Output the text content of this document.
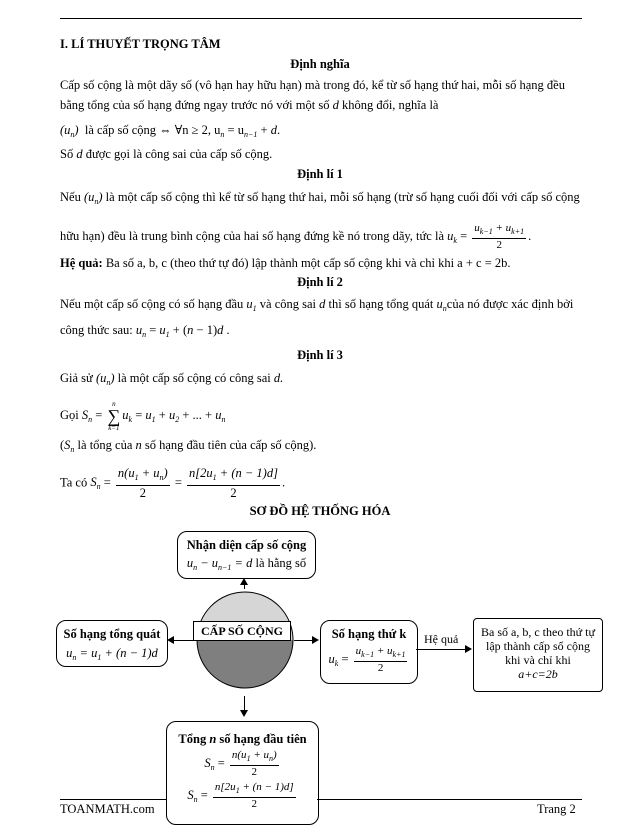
I. LÍ THUYẾT TRỌNG TÂM
Định nghĩa
Cấp số cộng là một dãy số (vô hạn hay hữu hạn) mà trong đó, kể từ số hạng thứ hai, mỗi số hạng đều
bằng tổng của số hạng đứng ngay trước nó với một số d không đổi, nghĩa là
$(u_n)$ là cấp số cộng ⇔ ∀n ≥ 2, $u_n = u_{n-1} + d$.
Số d được gọi là công sai của cấp số cộng.
Định lí 1
Nếu $(u_n)$ là một cấp số cộng thì kể từ số hạng thứ hai, mỗi số hạng (trừ số hạng cuối đối với cấp số cộng
hữu hạn) đều là trung bình cộng của hai số hạng đứng kề nó trong dãy, tức là $u_k = \frac{u_{k-1} + u_{k+1}}{2}$ .
Hệ quả: Ba số a, b, c (theo thứ tự đó) lập thành một cấp số cộng khi và chỉ khi a + c = 2b.
Định lí 2
Nếu một cấp số cộng có số hạng đầu $u_1$ và công sai d thì số hạng tổng quát $u_ncủa$ nó được xác định bởi
công thức sau: $u_n = u_1 + (n - 1)d$ .
Định lí 3
Giả sử $(u_n)$ là một cấp số cộng có công sai d.
Gọi $S_n$ =
n
∑
k=1
$u_k = u_1 + u_2$ + ... + $u_n$
($S_n$ là tổng của n số hạng đầu tiên của cấp số cộng).
Ta có $S_n = \frac{n(u_1 + u_n)}{2} = \frac{n[2u_1 + (n - 1)d]}{2}$ .
SƠ ĐỒ HỆ THỐNG HÓA
Nhận diện cấp số cộng
$u_n - u_{n-1} = d$ là hằng số
CẤP SỐ CỘNG
Số hạng tổng quát
$u_n = u_1 + (n - 1)d$
Số hạng thứ k
$u_k = \frac{u_{k-1} + u_{k+1}}{2}$
Hệ quả Ba số a, b, c theo thứ tự lập thành cấp số cộng khi và chỉ khi
a+c=2b
Tổng n số hạng đầu tiên
$S_n = \frac{n(u_1 + u_n)}{2}$
$S_n = \frac{n[2u_1 + (n - 1)d]}{2}$
TOANMATH.com	Trang 2
